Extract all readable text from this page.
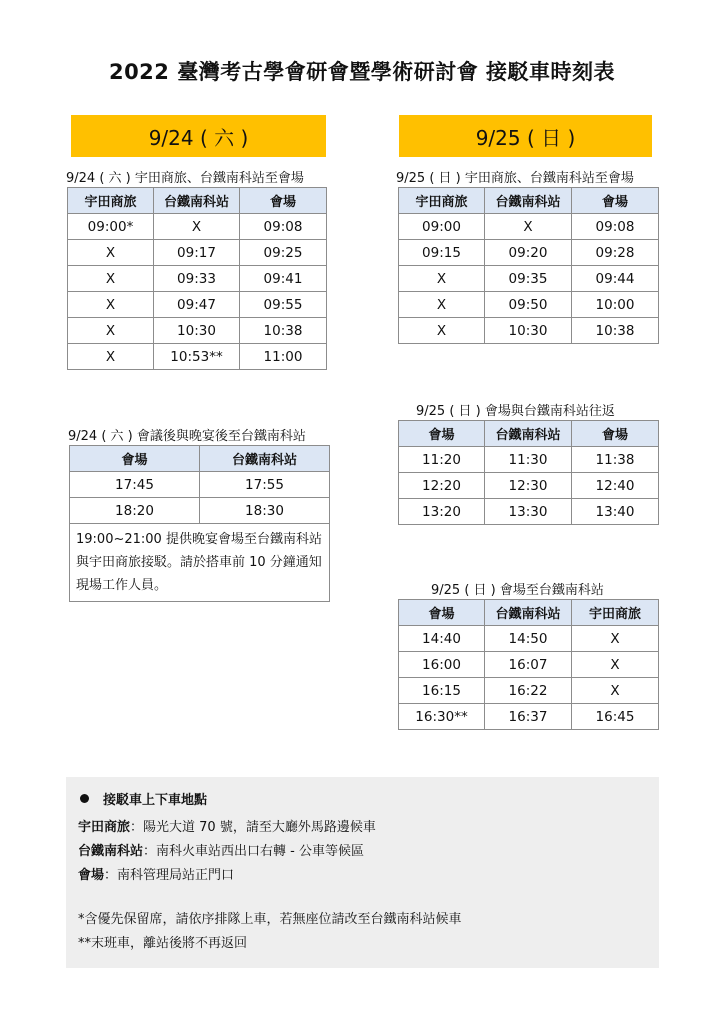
2022 臺灣考古學會研會暨學術研討會 接駁車時刻表
9/24 ( 六 )	9/25 ( 日 )
9/24 ( 六 ) 宇田商旅、台鐵南科站至會場
宇田商旅	台鐵南科站	會場
09:00*	X	09:08
X	09:17	09:25
X	09:33	09:41
X	09:47	09:55
X	10:30	10:38
X	10:53**	11:00
9/24 ( 六 ) 會議後與晚宴後至台鐵南科站
會場	台鐵南科站
17:45	17:55
18:20	18:30
19:00~21:00 提供晚宴會場至台鐵南科站與宇田商旅接駁。請於搭車前 10 分鐘通知現場工作人員。	
9/25 ( 日 ) 宇田商旅、台鐵南科站至會場
宇田商旅	台鐵南科站	會場
09:00	X	09:08
09:15	09:20	09:28
X	09:35	09:44
X	09:50	10:00
X	10:30	10:38
9/25 ( 日 ) 會場與台鐵南科站往返
會場	台鐵南科站	會場
11:20	11:30	11:38
12:20	12:30	12:40
13:20	13:30	13:40
9/25 ( 日 ) 會場至台鐵南科站
會場	台鐵南科站	宇田商旅
14:40	14:50	X
16:00	16:07	X
16:15	16:22	X
16:30**	16:37	16:45
接駁車上下車地點
宇田商旅：陽光大道 70 號，請至大廳外馬路邊候車
台鐵南科站：南科火車站西出口右轉 - 公車等候區
會場：南科管理局站正門口
*含優先保留席，請依序排隊上車，若無座位請改至台鐵南科站候車
**末班車，離站後將不再返回
